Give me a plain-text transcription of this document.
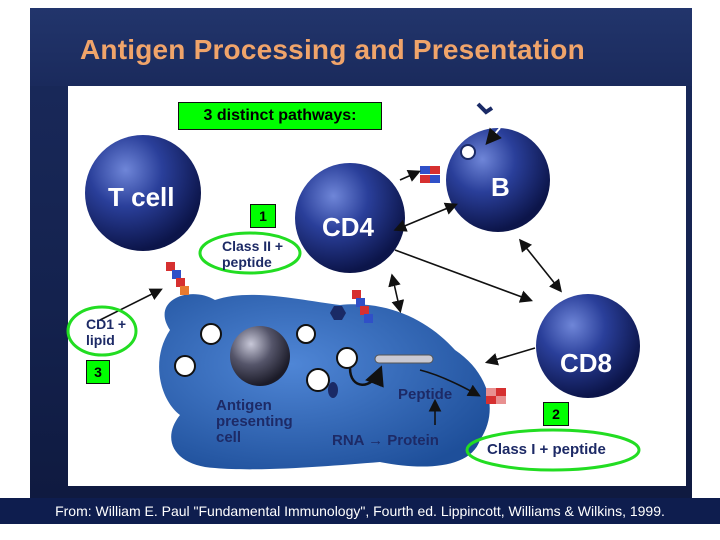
Antigen Processing and Presentation
3 distinct pathways:
1
3
2
T cell
CD4
B
CD8
Class II +
peptide
CD1 +
lipid
Antigen
presenting
cell
Peptide
RNA → Protein
Class I + peptide
From: William E. Paul "Fundamental Immunology", Fourth ed. Lippincott, Williams & Wilkins, 1999.
